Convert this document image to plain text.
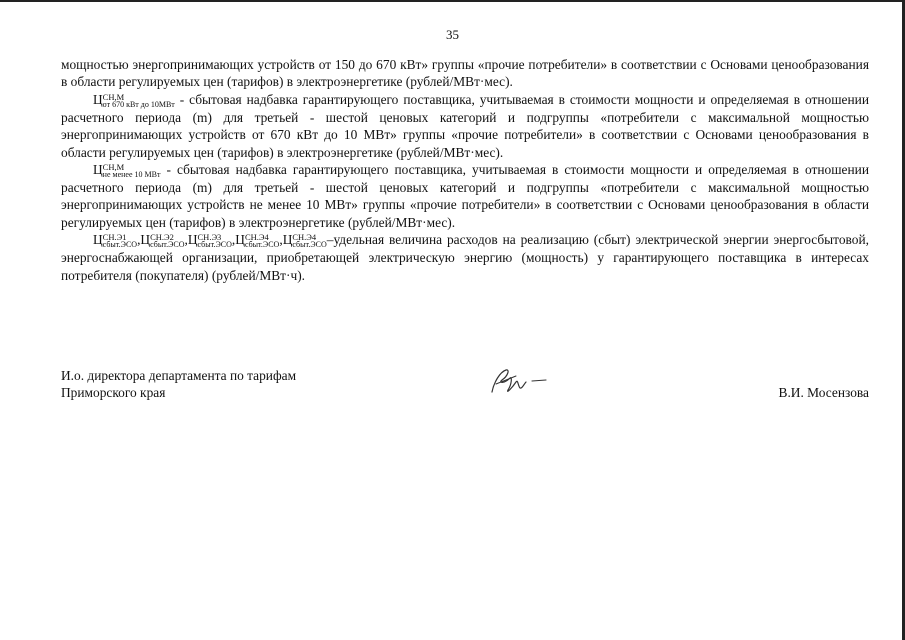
35

мощностью энергопринимающих устройств от 150 до 670 кВт» группы «прочие потребители» в соответствии с Основами ценообразования в области регулируемых цен (тарифов) в электроэнергетике (рублей/МВт·мес).

Ц СН,М
от 670 кВт до 10МВт - сбытовая надбавка гарантирующего поставщика, учитываемая в стоимости мощности и определяемая в отношении расчетного периода (m) для третьей - шестой ценовых категорий и подгруппы «потребители с максимальной мощностью энергопринимающих устройств от 670 кВт до 10 МВт» группы «прочие потребители» в соответствии с Основами ценообразования в области регулируемых цен (тарифов) в электроэнергетике (рублей/МВт·мес).

Ц СН,М
не менее 10 МВт - сбытовая надбавка гарантирующего поставщика, учитываемая в стоимости мощности и определяемая в отношении расчетного периода (m) для третьей - шестой ценовых категорий и подгруппы «потребители с максимальной мощностью энергопринимающих устройств не менее 10 МВт» группы «прочие потребители» в соответствии с Основами ценообразования в области регулируемых цен (тарифов) в электроэнергетике (рублей/МВт·мес).

Ц СН.Э1
сбыт.ЭСО ,Ц СН.Э2
сбыт.ЭСО ,Ц СН.Э3
сбыт.ЭСО ,Ц СН.Э4
сбыт.ЭСО ,Ц СН.Э4
сбыт.ЭСО –удельная величина расходов на реализацию (сбыт) электрической энергии энергосбытовой, энергоснабжающей организации, приобретающей электрическую энергию (мощность) у гарантирующего поставщика в интересах потребителя (покупателя) (рублей/МВт·ч).

И.о. директора департамента по тарифам
Приморского края	В.И. Мосензова
